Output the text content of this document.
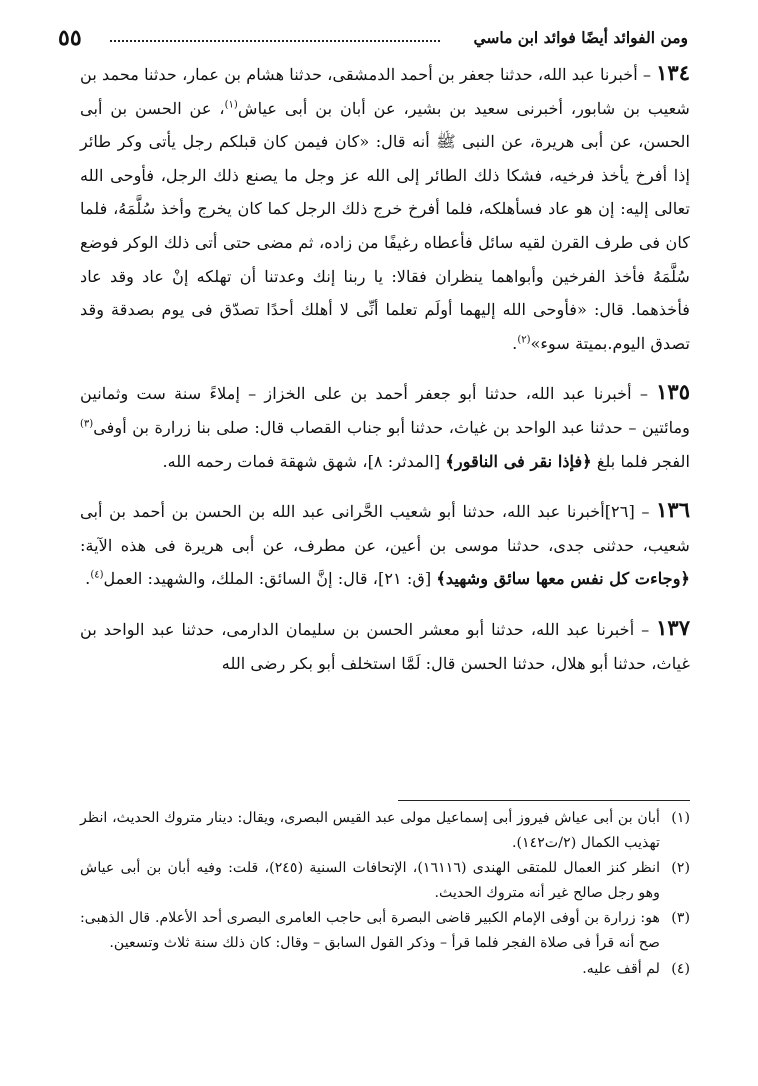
ومن الفوائد أيضًا فوائد ابن ماسي
٥٥

١٣٤ – أخبرنا عبد الله، حدثنا جعفر بن أحمد الدمشقى، حدثنا هشام بن عمار، حدثنا محمد بن شعيب بن شابور، أخبرنى سعيد بن بشير، عن أبان بن أبى عياش$^{(١)}$، عن الحسن بن أبى الحسن، عن أبى هريرة، عن النبى ﷺ أنه قال: «كان فيمن كان قبلكم رجل يأتى وكر طائر إذا أفرخ يأخذ فرخيه، فشكا ذلك الطائر إلى الله عز وجل ما يصنع ذلك الرجل، فأوحى الله تعالى إليه: إن هو عاد فسأهلكه، فلما أفرخ خرج ذلك الرجل كما كان يخرج وأخذ سُلَّمَهُ، فلما كان فى طرف القرن لقيه سائل فأعطاه رغيفًا من زاده، ثم مضى حتى أتى ذلك الوكر فوضع سُلَّمَهُ فأخذ الفرخين وأبواهما ينظران فقالا: يا ربنا إنك وعدتنا أن تهلكه إنْ عاد وقد عاد فأخذهما. قال: «فأوحى الله إليهما أولَم تعلما أنِّى لا أهلك أحدًا تصدّق فى يوم بصدقة وقد تصدق اليوم.بميتة سوء»$^{(٢)}$.

١٣٥ – أخبرنا عبد الله، حدثنا أبو جعفر أحمد بن على الخزاز – إملاءً سنة ست وثمانين ومائتين – حدثنا عبد الواحد بن غياث، حدثنا أبو جناب القصاب قال: صلى بنا زرارة بن أوفى$^{(٣)}$ الفجر فلما بلغ ﴿فإذا نقر فى الناقور﴾ [المدثر: ٨]، شهق شهقة فمات رحمه الله.

١٣٦ – [٢٦]أخبرنا عبد الله، حدثنا أبو شعيب الحَّرانى عبد الله بن الحسن بن أحمد بن أبى شعيب، حدثنى جدى، حدثنا موسى بن أعين، عن مطرف، عن أبى هريرة فى هذه الآية: ﴿وجاءت كل نفس معها سائق وشهيد﴾ [ق: ٢١]، قال: إنَّ السائق: الملك، والشهيد: العمل$^{(٤)}$.

١٣٧ – أخبرنا عبد الله، حدثنا أبو معشر الحسن بن سليمان الدارمى، حدثنا عبد الواحد بن غياث، حدثنا أبو هلال، حدثنا الحسن قال: لَمَّا استخلف أبو بكر رضى الله

(١)
أبان بن أبى عياش فيروز أبى إسماعيل مولى عبد القيس البصرى، ويقال: دينار متروك الحديث، انظر تهذيب الكمال (٢/ت١٤٢).

(٢)
انظر كنز العمال للمتقى الهندى (١٦١١٦)، الإتحافات السنية (٢٤٥)، قلت: وفيه أبان بن أبى عياش وهو رجل صالح غير أنه متروك الحديث.

(٣)
هو: زرارة بن أوفى الإمام الكبير قاضى البصرة أبى حاجب العامرى البصرى أحد الأعلام. قال الذهبى: صح أنه قرأ فى صلاة الفجر فلما قرأ – وذكر القول السابق – وقال: كان ذلك سنة ثلاث وتسعين.

(٤)
لم أقف عليه.
